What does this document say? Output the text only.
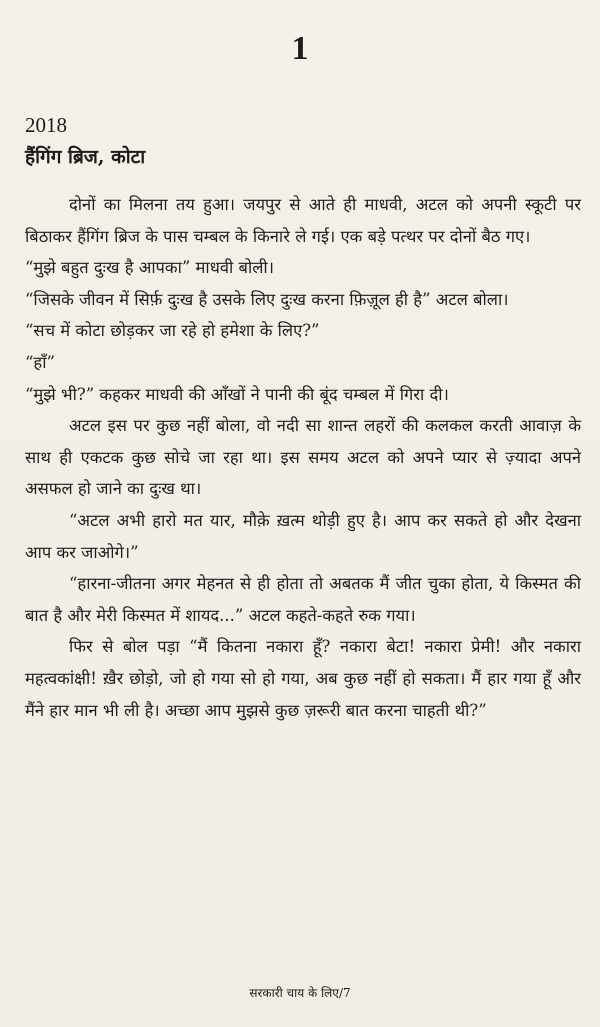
1
2018
हैंगिंग ब्रिज, कोटा

दोनों का मिलना तय हुआ। जयपुर से आते ही माधवी, अटल को अपनी स्कूटी पर बिठाकर हैंगिंग ब्रिज के पास चम्बल के किनारे ले गई। एक बड़े पत्थर पर दोनों बैठ गए।

“मुझे बहुत दुःख है आपका” माधवी बोली।

“जिसके जीवन में सिर्फ़ दुःख है उसके लिए दुःख करना फ़िज़ूल ही है” अटल बोला।

“सच में कोटा छोड़कर जा रहे हो हमेशा के लिए?”

“हाँ”

“मुझे भी?” कहकर माधवी की आँखों ने पानी की बूंद चम्बल में गिरा दी।

अटल इस पर कुछ नहीं बोला, वो नदी सा शान्त लहरों की कलकल करती आवाज़ के साथ ही एकटक कुछ सोचे जा रहा था। इस समय अटल को अपने प्यार से ज़्यादा अपने असफल हो जाने का दुःख था।

“अटल अभी हारो मत यार, मौक़े ख़त्म थोड़ी हुए है। आप कर सकते हो और देखना आप कर जाओगे।”

“हारना-जीतना अगर मेहनत से ही होता तो अबतक मैं जीत चुका होता, ये किस्मत की बात है और मेरी किस्मत में शायद...” अटल कहते-कहते रुक गया।

फिर से बोल पड़ा “मैं कितना नकारा हूँ? नकारा बेटा! नकारा प्रेमी! और नकारा महत्वकांक्षी! ख़ैर छोड़ो, जो हो गया सो हो गया, अब कुछ नहीं हो सकता। मैं हार गया हूँ और मैंने हार मान भी ली है। अच्छा आप मुझसे कुछ ज़रूरी बात करना चाहती थी?”

सरकारी चाय के लिए/7
